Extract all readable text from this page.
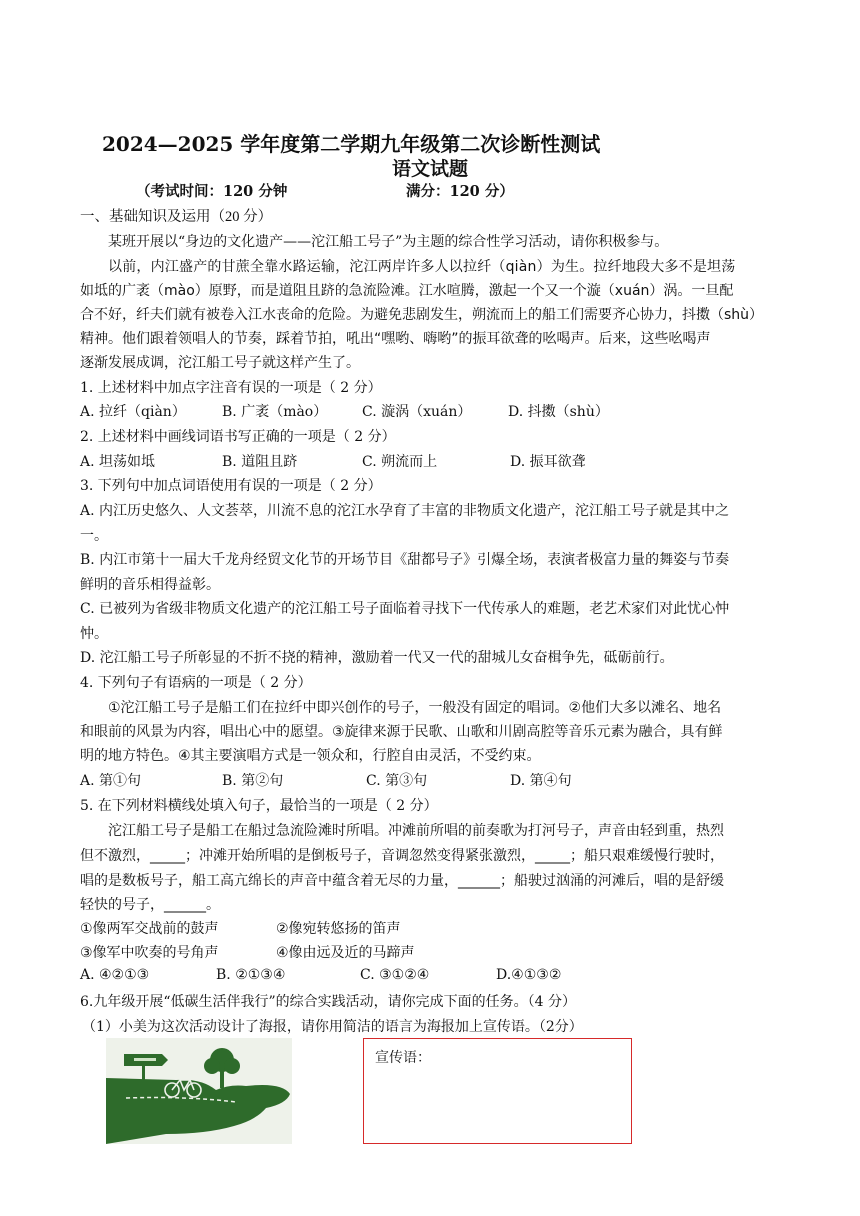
2024—2025 学年度第二学期九年级第二次诊断性测试
语文试题
（考试时间：120 分钟	满分：120 分）
一、基础知识及运用（20 分）
某班开展以“身边的文化遗产——沱江船工号子”为主题的综合性学习活动，请你积极参与。
以前，内江盛产的甘蔗全靠水路运输，沱江两岸许多人以拉纤（qiàn）为生。拉纤地段大多不是坦荡
如坻的广袤（mào）原野，而是道阻且跻的急流险滩。江水喧腾，激起一个又一个漩（xuán）涡。一旦配
合不好，纤夫们就有被卷入江水丧命的危险。为避免悲剧发生，朔流而上的船工们需要齐心协力，抖擞（shù）
精神。他们跟着领唱人的节奏，踩着节拍，吼出“嘿哟、嗨哟”的振耳欲聋的吆喝声。后来，这些吆喝声
逐渐发展成调，沱江船工号子就这样产生了。
1. 上述材料中加点字注音有误的一项是（ 2 分）
A. 拉纤（qiàn）	B. 广袤（mào） C. 漩涡（xuán）	D. 抖擞（shù）
2. 上述材料中画线词语书写正确的一项是（ 2 分）
A. 坦荡如坻	B. 道阻且跻	C. 朔流而上	D. 振耳欲聋
3. 下列句中加点词语使用有误的一项是（ 2 分）
A. 内江历史悠久、人文荟萃，川流不息的沱江水孕育了丰富的非物质文化遗产，沱江船工号子就是其中之
一。
B. 内江市第十一届大千龙舟经贸文化节的开场节目《甜都号子》引爆全场，表演者极富力量的舞姿与节奏
鲜明的音乐相得益彰。
C. 已被列为省级非物质文化遗产的沱江船工号子面临着寻找下一代传承人的难题，老艺术家们对此忧心忡
忡。
D. 沱江船工号子所彰显的不折不挠的精神，激励着一代又一代的甜城儿女奋楫争先，砥砺前行。
4. 下列句子有语病的一项是（ 2 分）
①沱江船工号子是船工们在拉纤中即兴创作的号子，一般没有固定的唱词。②他们大多以滩名、地名
和眼前的风景为内容，唱出心中的愿望。③旋律来源于民歌、山歌和川剧高腔等音乐元素为融合，具有鲜
明的地方特色。④其主要演唱方式是一领众和，行腔自由灵活，不受约束。
A. 第①句	B. 第②句	C. 第③句	D. 第④句
5. 在下列材料横线处填入句子，最恰当的一项是（ 2 分）
沱江船工号子是船工在船过急流险滩时所唱。冲滩前所唱的前奏歌为打河号子，声音由轻到重，热烈
但不激烈，_____；冲滩开始所唱的是倒板号子，音调忽然变得紧张激烈，_____；船只艰难缓慢行驶时，
唱的是数板号子，船工高亢绵长的声音中蕴含着无尽的力量，______；船驶过汹涌的河滩后，唱的是舒缓
轻快的号子，______。
①像两军交战前的鼓声	②像宛转悠扬的笛声
③像军中吹奏的号角声	④像由远及近的马蹄声
A. ④②①③	B. ②①③④	C. ③①②④	D.④①③②
6.九年级开展“低碳生活伴我行”的综合实践活动，请你完成下面的任务。（4 分）
（1）小美为这次活动设计了海报，请你用简洁的语言为海报加上宣传语。（2分）
宣传语：
